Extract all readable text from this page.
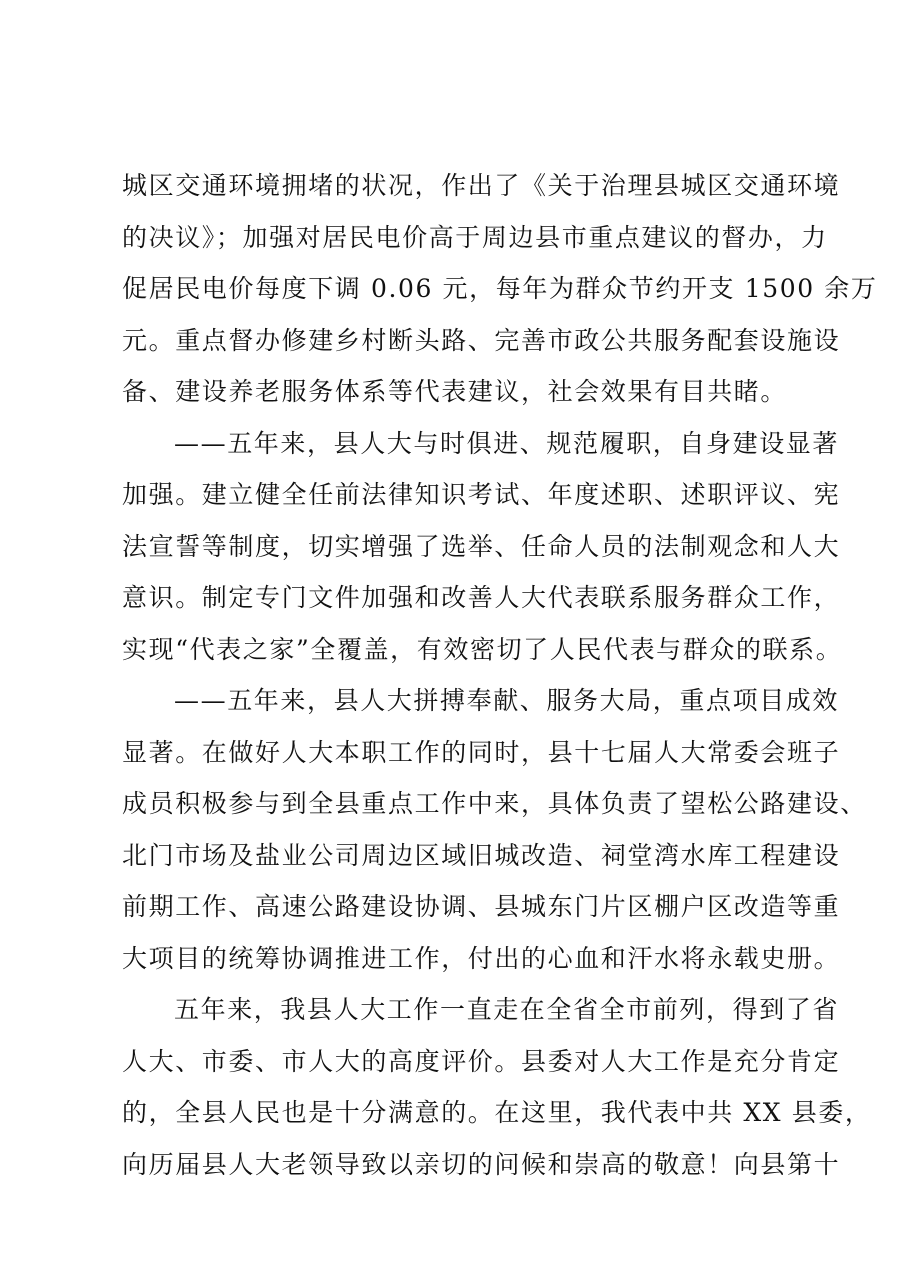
城区交通环境拥堵的状况，作出了《关于治理县城区交通环境
的决议》；加强对居民电价高于周边县市重点建议的督办，力
促居民电价每度下调 0.06 元，每年为群众节约开支 1500 余万
元。重点督办修建乡村断头路、完善市政公共服务配套设施设
备、建设养老服务体系等代表建议，社会效果有目共睹。
——五年来，县人大与时俱进、规范履职，自身建设显著
加强。建立健全任前法律知识考试、年度述职、述职评议、宪
法宣誓等制度，切实增强了选举、任命人员的法制观念和人大
意识。制定专门文件加强和改善人大代表联系服务群众工作，
实现“代表之家”全覆盖，有效密切了人民代表与群众的联系。
——五年来，县人大拼搏奉献、服务大局，重点项目成效
显著。在做好人大本职工作的同时，县十七届人大常委会班子
成员积极参与到全县重点工作中来，具体负责了望松公路建设、
北门市场及盐业公司周边区域旧城改造、祠堂湾水库工程建设
前期工作、高速公路建设协调、县城东门片区棚户区改造等重
大项目的统筹协调推进工作，付出的心血和汗水将永载史册。
五年来，我县人大工作一直走在全省全市前列，得到了省
人大、市委、市人大的高度评价。县委对人大工作是充分肯定
的，全县人民也是十分满意的。在这里，我代表中共 XX 县委，
向历届县人大老领导致以亲切的问候和崇高的敬意！向县第十
